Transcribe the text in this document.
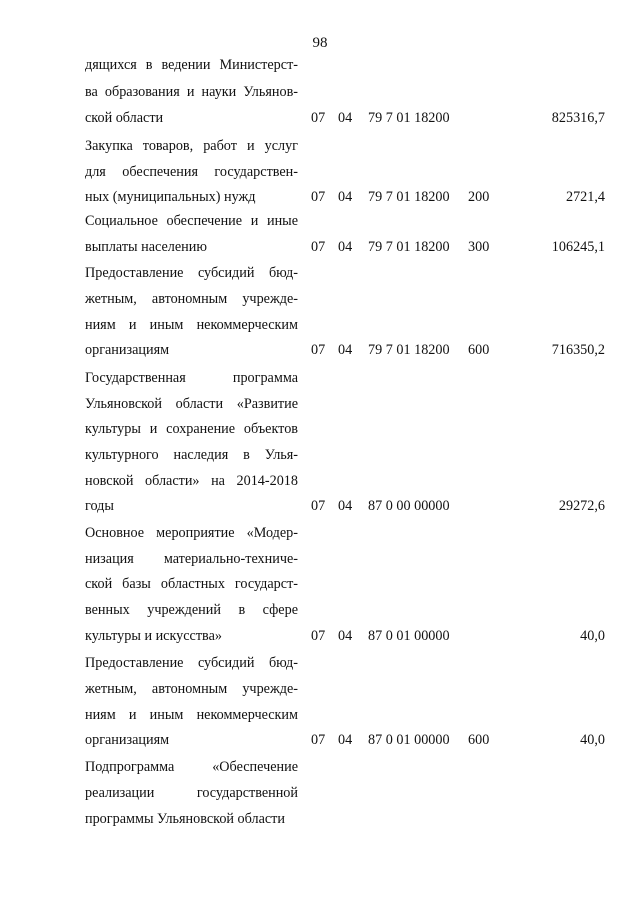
98
дящихся в ведении Министерст-
ва образования и науки Ульянов-
ской области	07 04 79 7 01 18200	825316,7
Закупка товаров, работ и услуг
для обеспечения государствен-
ных (муниципальных) нужд	07 04 79 7 01 18200 200	2721,4
Социальное обеспечение и иные
выплаты населению	07 04 79 7 01 18200 300	106245,1
Предоставление субсидий бюд-
жетным, автономным учрежде-
ниям и иным некоммерческим
организациям	07 04 79 7 01 18200 600	716350,2
Государственная программа
Ульяновской области «Развитие
культуры и сохранение объектов
культурного наследия в Улья-
новской области» на 2014-2018
годы	07 04 87 0 00 00000	29272,6
Основное мероприятие «Модер-
низация материально-техниче-
ской базы областных государст-
венных учреждений в сфере
культуры и искусства»	07 04 87 0 01 00000	40,0
Предоставление субсидий бюд-
жетным, автономным учрежде-
ниям и иным некоммерческим
организациям	07 04 87 0 01 00000 600	40,0
Подпрограмма «Обеспечение
реализации государственной
программы Ульяновской области
